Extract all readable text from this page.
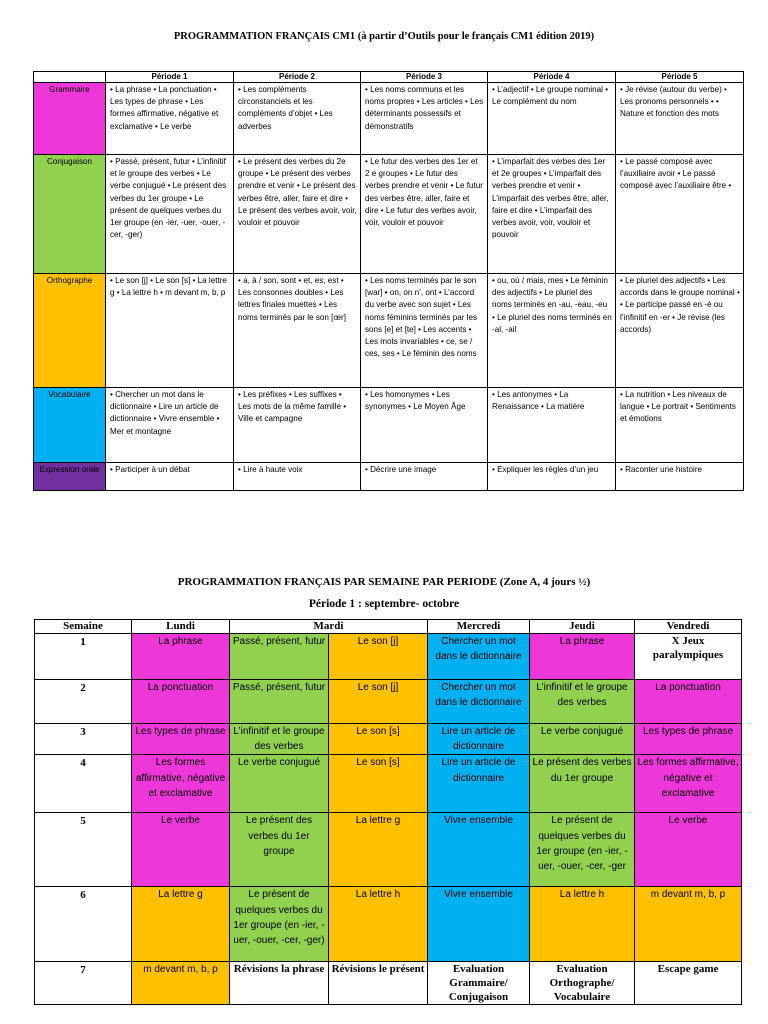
PROGRAMMATION FRANÇAIS CM1 (à partir d’Outils pour le français CM1 édition 2019)
	Période 1	Période 2	Période 3	Période 4	Période 5
Grammaire	• La phrase • La ponctuation • Les types de phrase • Les formes affirmative, négative et exclamative • Le verbe	• Les compléments circonstanciels et les compléments d’objet • Les adverbes	• Les noms communs et les noms propres • Les articles • Les déterminants possessifs et démonstratifs	• L’adjectif • Le groupe nominal • Le complément du nom	• Je révise (autour du verbe) • Les pronoms personnels • • Nature et fonction des mots
Conjugaison	• Passé, présent, futur • L’infinitif et le groupe des verbes • Le verbe conjugué • Le présent des verbes du 1er groupe • Le présent de quelques verbes du 1er groupe (en -ier, -uer, -ouer, -cer, -ger)	• Le présent des verbes du 2e groupe • Le présent des verbes prendre et venir • Le présent des verbes être, aller, faire et dire • Le présent des verbes avoir, voir, vouloir et pouvoir	• Le futur des verbes des 1er et 2 e groupes • Le futur des verbes prendre et venir • Le futur des verbes être, aller, faire et dire • Le futur des verbes avoir, voir, vouloir et pouvoir	• L’imparfait des verbes des 1er et 2e groupes • L’imparfait des verbes prendre et venir • L’imparfait des verbes être, aller, faire et dire • L’imparfait des verbes avoir, voir, vouloir et pouvoir	• Le passé composé avec l’auxiliaire avoir • Le passé composé avec l’auxiliaire être •
Orthographe	• Le son [j] • Le son [s] • La lettre g • La lettre h • m devant m, b, p	• a, à / son, sont • et, es, est • Les consonnes doubles • Les lettres finales muettes • Les noms terminés par le son [œr]	• Les noms terminés par le son [war] • on, on n’, ont • L’accord du verbe avec son sujet • Les noms féminins terminés par les sons [e] et [te] • Les accents • Les mots invariables • ce, se / ces, ses • Le féminin des noms	• ou, où / mais, mes • Le féminin des adjectifs • Le pluriel des noms terminés en -au, -eau, -eu • Le pluriel des noms terminés en -al, -ail	• Le pluriel des adjectifs • Les accords dans le groupe nominal • • Le participe passé en -é ou l’infinitif en -er • Je révise (les accords)
Vocabulaire	• Chercher un mot dans le dictionnaire • Lire un article de dictionnaire • Vivre ensemble • Mer et montagne	• Les préfixes • Les suffixes • Les mots de la même famille • Ville et campagne	• Les homonymes • Les synonymes • Le Moyen Âge	• Les antonymes • La Renaissance • La matière	• La nutrition • Les niveaux de langue • Le portrait • Sentiments et émotions
Expression orale	• Participer à un débat	• Lire à haute voix	• Décrire une image	• Expliquer les règles d’un jeu	• Raconter une histoire
PROGRAMMATION FRANÇAIS PAR SEMAINE PAR PERIODE (Zone A, 4 jours ½)
Période 1 : septembre- octobre
Semaine	Lundi	Mardi		Mercredi	Jeudi	Vendredi
1	La phrase	Passé, présent, futur	Le son [j]	Chercher un mot dans le dictionnaire	La phrase	X Jeux paralympiques
2	La ponctuation	Passé, présent, futur	Le son [j]	Chercher un mot dans le dictionnaire	L’infinitif et le groupe des verbes	La ponctuation
3	Les types de phrase	L’infinitif et le groupe des verbes	Le son [s]	Lire un article de dictionnaire	Le verbe conjugué	Les types de phrase
4	Les formes affirmative, négative et exclamative	Le verbe conjugué	Le son [s]	Lire un article de dictionnaire	Le présent des verbes du 1er groupe	Les formes affirmative, négative et exclamative
5	Le verbe	Le présent des verbes du 1er groupe	La lettre g	Vivre ensemble	Le présent de quelques verbes du 1er groupe (en -ier, -uer, -ouer, -cer, -ger	Le verbe
6	La lettre g	Le présent de quelques verbes du 1er groupe (en -ier, -uer, -ouer, -cer, -ger)	La lettre h	Vivre ensemble	La lettre h	m devant m, b, p
7	m devant m, b, p	Révisions la phrase	Révisions le présent	Evaluation Grammaire/ Conjugaison	Evaluation Orthographe/ Vocabulaire	Escape game
